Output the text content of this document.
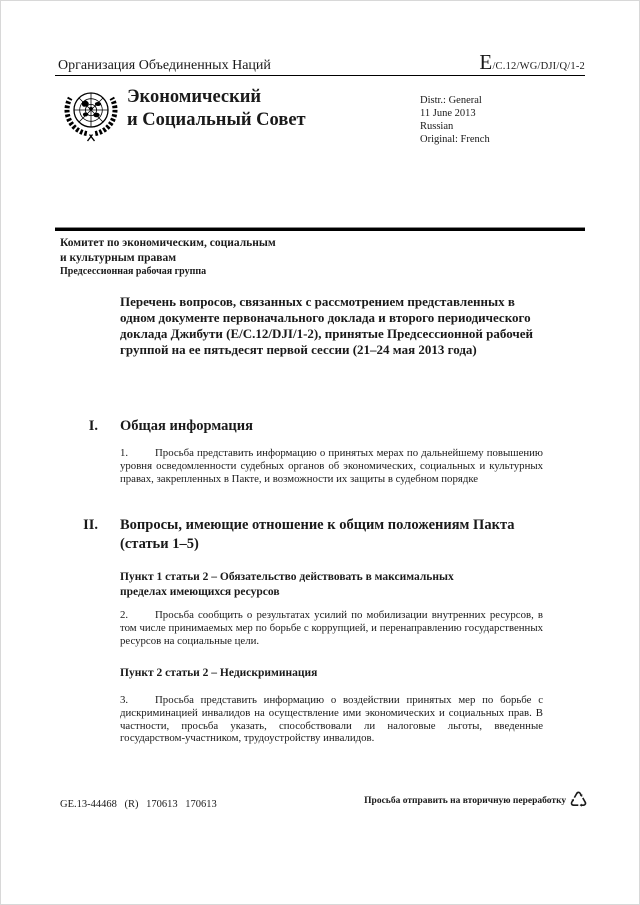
Организация Объединенных Наций	E/C.12/WG/DJI/Q/1-2
Экономический
и Социальный Совет
Distr.: General
11 June 2013
Russian
Original: French
Комитет по экономическим, социальным
и культурным правам
Предсессионная рабочая группа
Перечень вопросов, связанных с рассмотрением представленных в одном документе первоначального доклада и второго периодического доклада Джибути (E/C.12/DJI/1-2), принятые Предсессионной рабочей группой на ее пятьдесят первой сессии (21–24 мая 2013 года)
I. Общая информация

1. Просьба представить информацию о принятых мерах по дальнейшему повышению уровня осведомленности судебных органов об экономических, социальных и культурных правах, закрепленных в Пакте, и возможности их защиты в судебном порядке

II. Вопросы, имеющие отношение к общим положениям Пакта (статьи 1–5)
Пункт 1 статьи 2 – Обязательство действовать в максимальных пределах имеющихся ресурсов

2. Просьба сообщить о результатах усилий по мобилизации внутренних ресурсов, в том числе принимаемых мер по борьбе с коррупцией, и перенаправлению государственных ресурсов на социальные цели.

Пункт 2 статьи 2 – Недискриминация

3. Просьба представить информацию о воздействии принятых мер по борьбе с дискриминацией инвалидов на осуществление ими экономических и социальных прав. В частности, просьба указать, способствовали ли налоговые льготы, введенные государством-участником, трудоустройству инвалидов.

GE.13-44468 (R) 170613 170613	Просьба отправить на вторичную переработку ♺
